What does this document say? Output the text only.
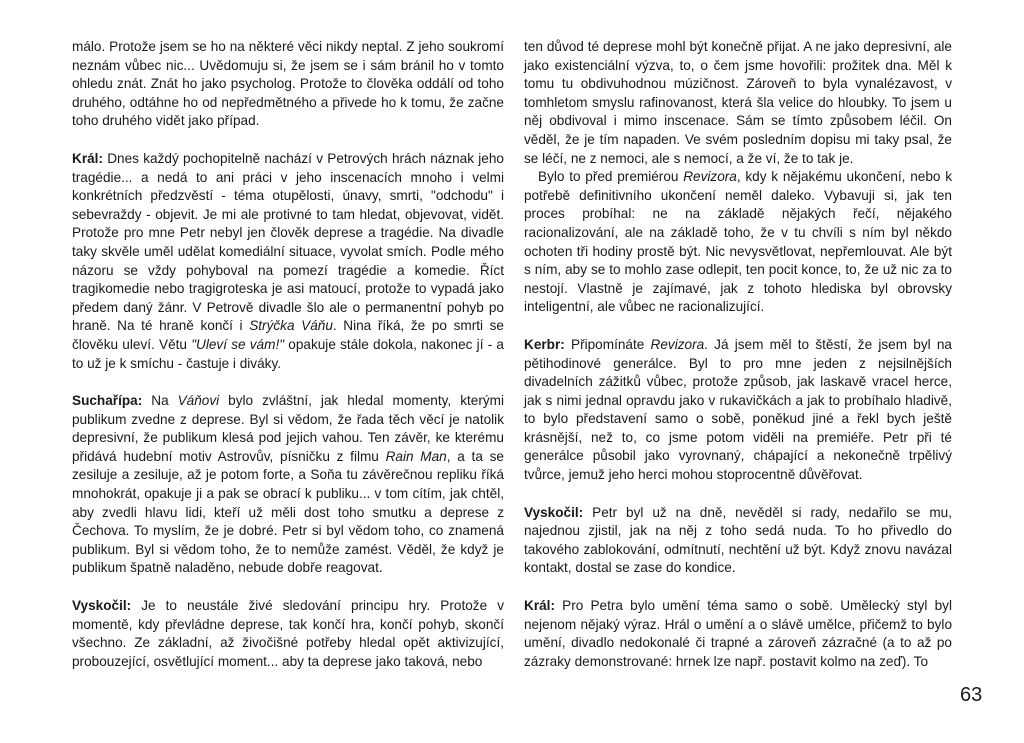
málo. Protože jsem se ho na některé věci nikdy neptal. Z jeho soukromí neznám vůbec nic... Uvědomuju si, že jsem se i sám bránil ho v tomto ohledu znát. Znát ho jako psycholog. Protože to člověka oddálí od toho druhého, odtáhne ho od nepředmětného a přivede ho k tomu, že začne toho druhého vidět jako případ.

Král: Dnes každý pochopitelně nachází v Petrových hrách náznak jeho tragédie... a nedá to ani práci v jeho inscenacích mnoho i velmi konkrétních předzvěstí - téma otupělosti, únavy, smrti, "odchodu" i sebevraždy - objevit. Je mi ale protivné to tam hledat, objevovat, vidět. Protože pro mne Petr nebyl jen člověk deprese a tragédie. Na divadle taky skvěle uměl udělat komediální situace, vyvolat smích. Podle mého názoru se vždy pohyboval na pomezí tragédie a komedie. Říct tragikomedie nebo tragigroteska je asi matoucí, protože to vypadá jako předem daný žánr. V Petrově divadle šlo ale o permanentní pohyb po hraně. Na té hraně končí i Strýčka Váňu. Nina říká, že po smrti se člověku uleví. Větu "Uleví se vám!" opakuje stále dokola, nakonec jí - a to už je k smíchu - častuje i diváky.

Suchařípa: Na Váňovi bylo zvláštní, jak hledal momenty, kterými publikum zvedne z deprese. Byl si vědom, že řada těch věcí je natolik depresivní, že publikum klesá pod jejich vahou. Ten závěr, ke kterému přidává hudební motiv Astrovův, písničku z filmu Rain Man, a ta se zesiluje a zesiluje, až je potom forte, a Soňa tu závěrečnou repliku říká mnohokrát, opakuje ji a pak se obrací k publiku... v tom cítím, jak chtěl, aby zvedli hlavu lidi, kteří už měli dost toho smutku a deprese z Čechova. To myslím, že je dobré. Petr si byl vědom toho, co znamená publikum. Byl si vědom toho, že to nemůže zamést. Věděl, že když je publikum špatně naladěno, nebude dobře reagovat.

Vyskočil: Je to neustále živé sledování principu hry. Protože v momentě, kdy převládne deprese, tak končí hra, končí pohyb, skončí všechno. Ze základní, až živočišné potřeby hledal opět aktivizující, probouzející, osvětlující moment... aby ta deprese jako taková, nebo

ten důvod té deprese mohl být konečně přijat. A ne jako depresivní, ale jako existenciální výzva, to, o čem jsme hovořili: prožitek dna. Měl k tomu tu obdivuhodnou múzičnost. Zároveň to byla vynalézavost, v tomhletom smyslu rafinovanost, která šla velice do hloubky. To jsem u něj obdivoval i mimo inscenace. Sám se tímto způsobem léčil. On věděl, že je tím napaden. Ve svém posledním dopisu mi taky psal, že se léčí, ne z nemoci, ale s nemocí, a že ví, že to tak je.

Bylo to před premiérou Revizora, kdy k nějakému ukončení, nebo k potřebě definitivního ukončení neměl daleko. Vybavuji si, jak ten proces probíhal: ne na základě nějakých řečí, nějakého racionalizování, ale na základě toho, že v tu chvíli s ním byl někdo ochoten tři hodiny prostě být. Nic nevysvětlovat, nepřemlouvat. Ale být s ním, aby se to mohlo zase odlepit, ten pocit konce, to, že už nic za to nestojí. Vlastně je zajímavé, jak z tohoto hlediska byl obrovsky inteligentní, ale vůbec ne racionalizující.

Kerbr: Připomínáte Revizora. Já jsem měl to štěstí, že jsem byl na pětihodinové generálce. Byl to pro mne jeden z nejsilnějších divadelních zážitků vůbec, protože způsob, jak laskavě vracel herce, jak s nimi jednal opravdu jako v rukavičkách a jak to probíhalo hladivě, to bylo představení samo o sobě, poněkud jiné a řekl bych ještě krásnější, než to, co jsme potom viděli na premiéře. Petr při té generálce působil jako vyrovnaný, chápající a nekonečně trpělivý tvůrce, jemuž jeho herci mohou stoprocentně důvěřovat.

Vyskočil: Petr byl už na dně, nevěděl si rady, nedařilo se mu, najednou zjistil, jak na něj z toho sedá nuda. To ho přivedlo do takového zablokování, odmítnutí, nechtění už být. Když znovu navázal kontakt, dostal se zase do kondice.

Král: Pro Petra bylo umění téma samo o sobě. Umělecký styl byl nejenom nějaký výraz. Hrál o umění a o slávě umělce, přičemž to bylo umění, divadlo nedokonalé či trapné a zároveň zázračné (a to až po zázraky demonstrované: hrnek lze např. postavit kolmo na zeď). To

63
